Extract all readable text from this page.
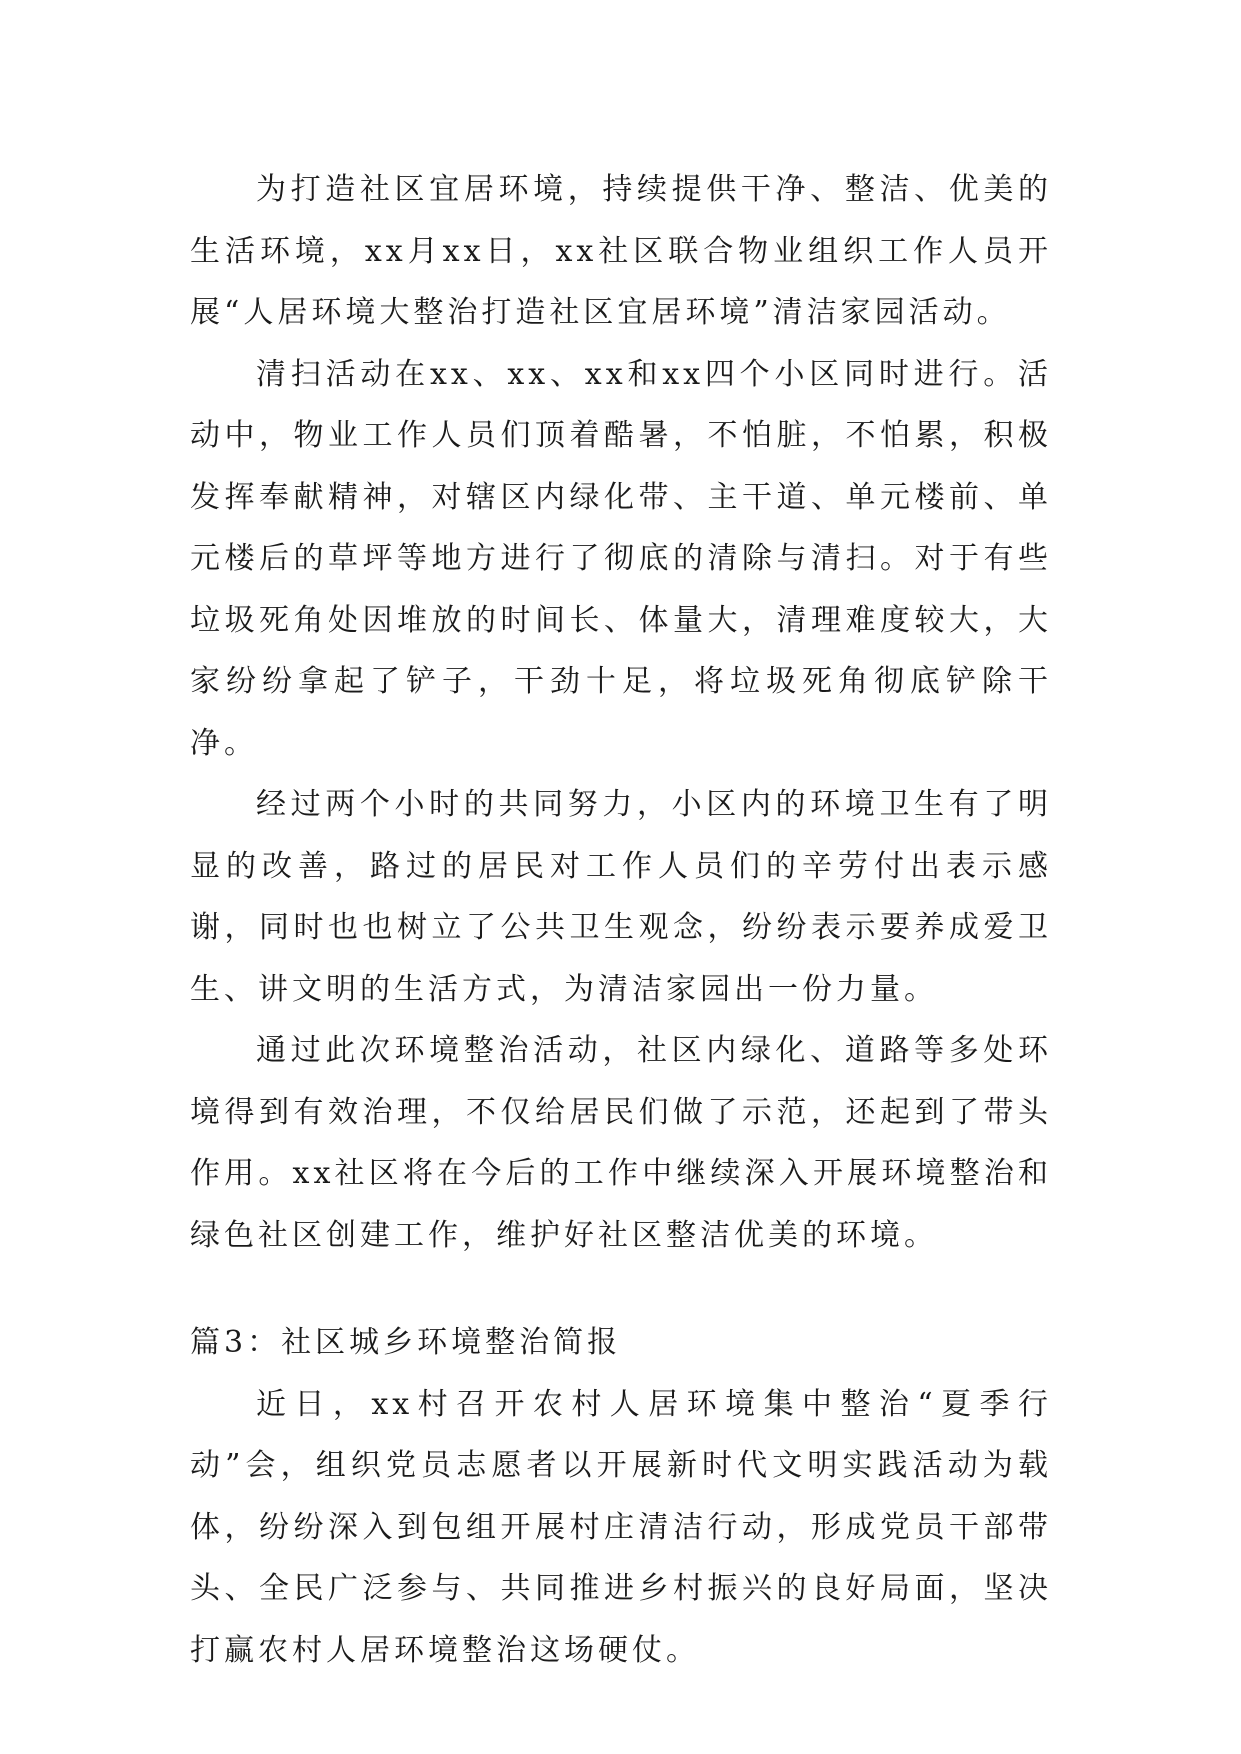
为打造社区宜居环境，持续提供干净、整洁、优美的生活环境，xx月xx日，xx社区联合物业组织工作人员开展“人居环境大整治打造社区宜居环境”清洁家园活动。

清扫活动在xx、xx、xx和xx四个小区同时进行。活动中，物业工作人员们顶着酷暑，不怕脏，不怕累，积极发挥奉献精神，对辖区内绿化带、主干道、单元楼前、单元楼后的草坪等地方进行了彻底的清除与清扫。对于有些垃圾死角处因堆放的时间长、体量大，清理难度较大，大家纷纷拿起了铲子，干劲十足，将垃圾死角彻底铲除干净。

经过两个小时的共同努力，小区内的环境卫生有了明显的改善，路过的居民对工作人员们的辛劳付出表示感谢，同时也也树立了公共卫生观念，纷纷表示要养成爱卫生、讲文明的生活方式，为清洁家园出一份力量。

通过此次环境整治活动，社区内绿化、道路等多处环境得到有效治理，不仅给居民们做了示范，还起到了带头作用。xx社区将在今后的工作中继续深入开展环境整治和绿色社区创建工作，维护好社区整洁优美的环境。

篇3：社区城乡环境整治简报

近日，xx村召开农村人居环境集中整治“夏季行动”会，组织党员志愿者以开展新时代文明实践活动为载体，纷纷深入到包组开展村庄清洁行动，形成党员干部带头、全民广泛参与、共同推进乡村振兴的良好局面，坚决打赢农村人居环境整治这场硬仗。
